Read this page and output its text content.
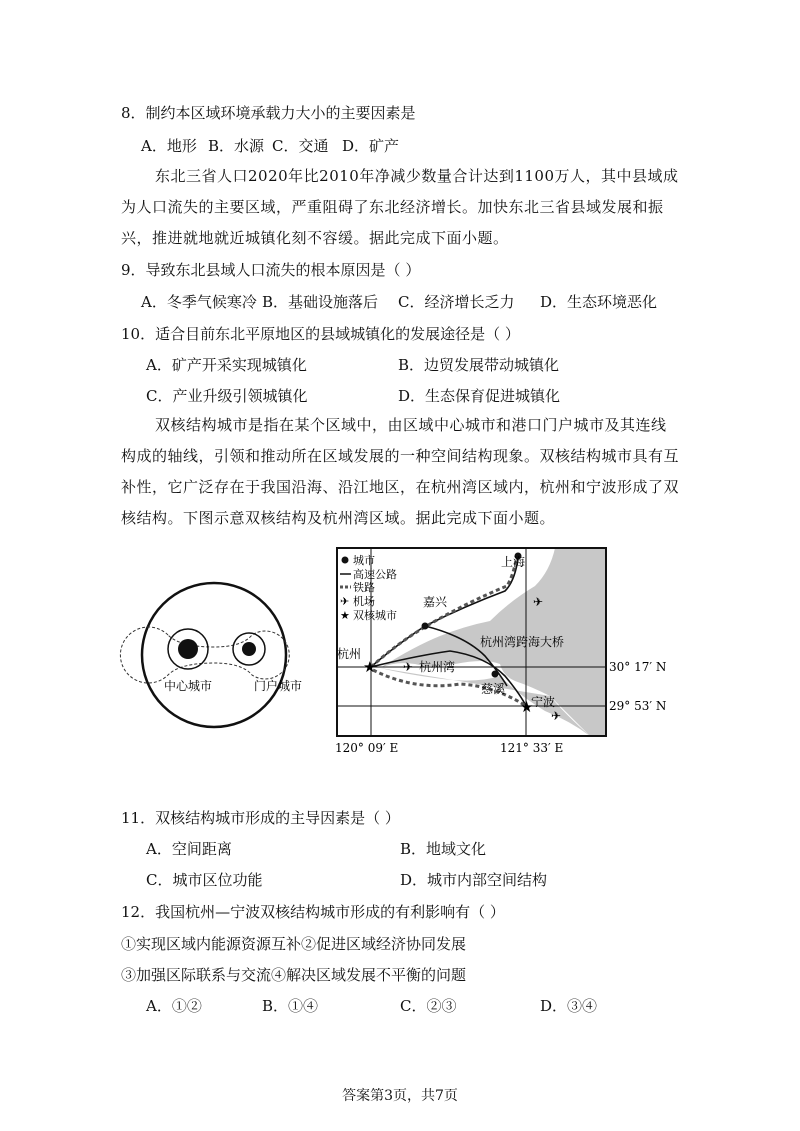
8．制约本区域环境承载力大小的主要因素是
A．地形 B．水源 C．交通 D．矿产
东北三省人口2020年比2010年净减少数量合计达到1100万人，其中县域成为人口流失的主要区域，严重阻碍了东北经济增长。加快东北三省县域发展和振兴，推进就地就近城镇化刻不容缓。据此完成下面小题。
9．导致东北县域人口流失的根本原因是（ ）
A．冬季气候寒冷 B．基础设施落后 C．经济增长乏力 D．生态环境恶化
10．适合目前东北平原地区的县域城镇化的发展途径是（ ）
A．矿产开采实现城镇化	B．边贸发展带动城镇化
C．产业升级引领城镇化	D．生态保育促进城镇化
双核结构城市是指在某个区域中，由区域中心城市和港口门户城市及其连线构成的轴线，引领和推动所在区域发展的一种空间结构现象。双核结构城市具有互补性，它广泛存在于我国沿海、沿江地区，在杭州湾区域内，杭州和宁波形成了双核结构。下图示意双核结构及杭州湾区域。据此完成下面小题。
中心城市	门户城市
城市
高速公路
铁路
✈ 机场
★ 双核城市
上海
嘉兴
★
杭州
杭州湾
慈溪
★
宁波
杭州湾跨海大桥
✈
✈
✈
30° 17′ N
29° 53′ N
120° 09′ E	121° 33′ E
11．双核结构城市形成的主导因素是（ ）
A．空间距离	B．地域文化
C．城市区位功能	D．城市内部空间结构
12．我国杭州—宁波双核结构城市形成的有利影响有（ ）
①实现区域内能源资源互补②促进区域经济协同发展
③加强区际联系与交流④解决区域发展不平衡的问题
A．①②	B．①④	C．②③	D．③④
答案第3页，共7页
